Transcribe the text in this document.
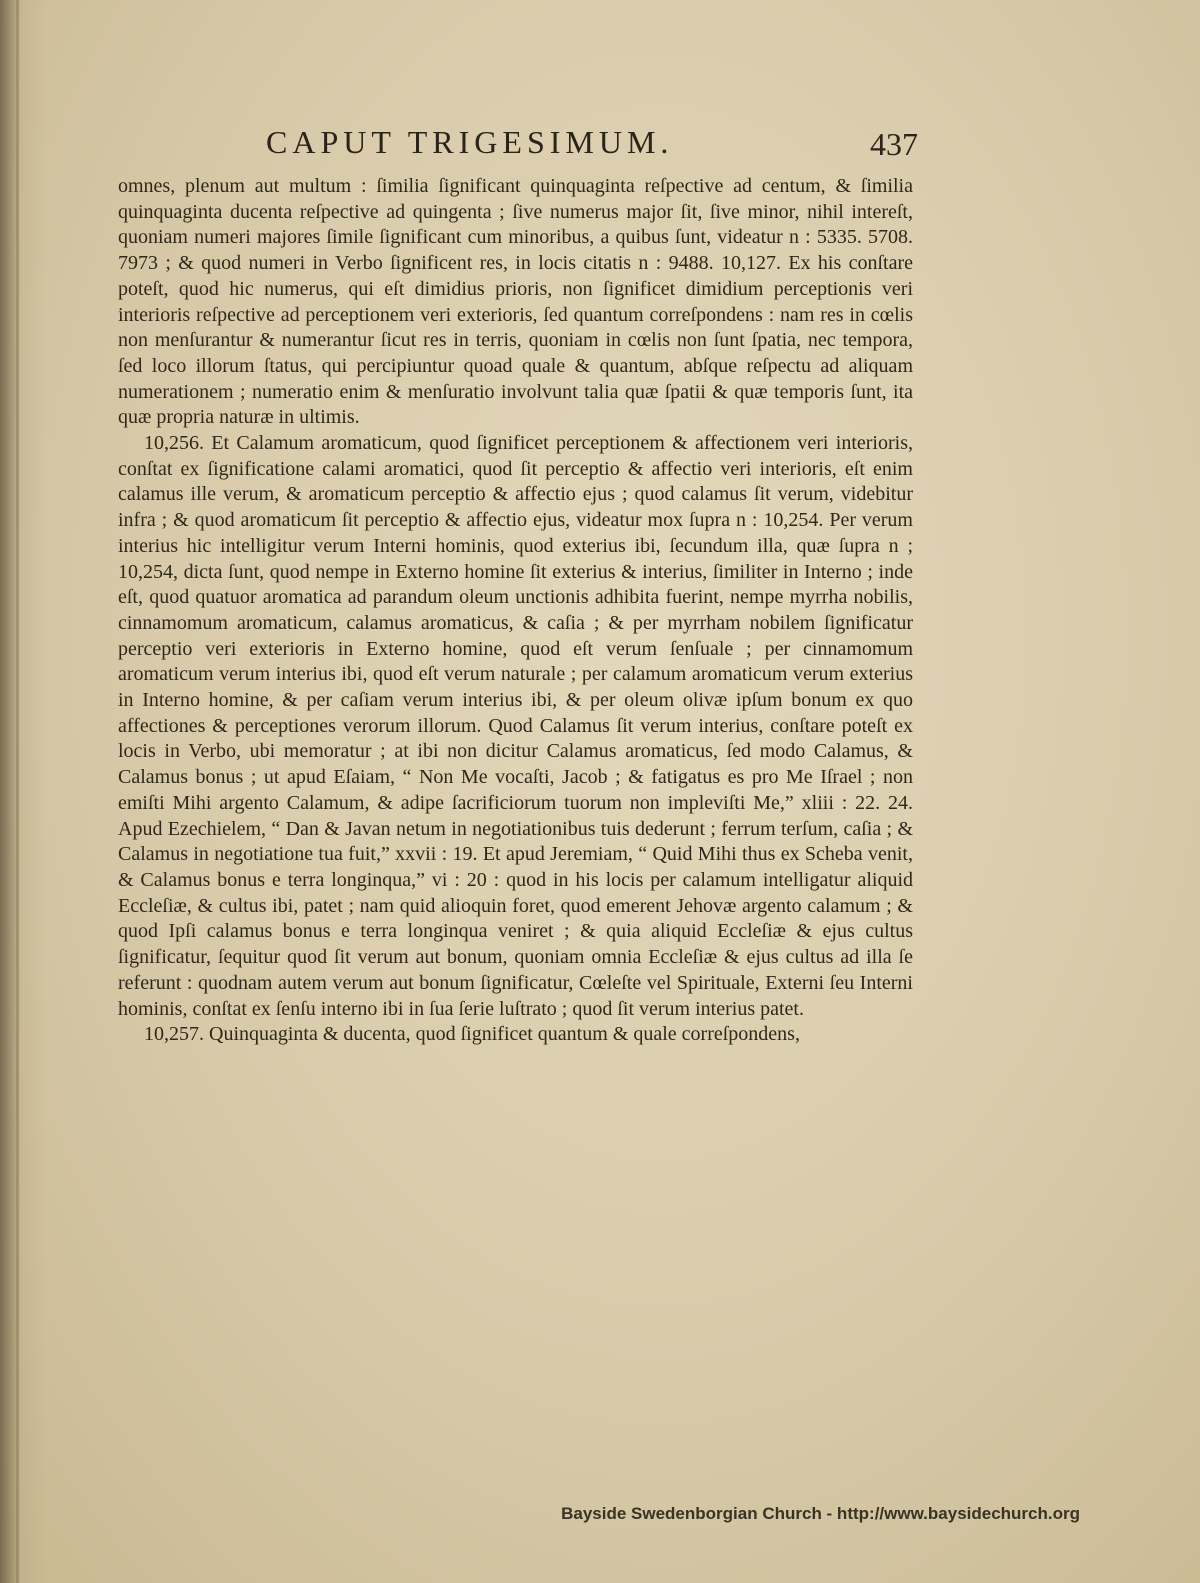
CAPUT TRIGESIMUM.	437

omnes, plenum aut multum : ſimilia ſignificant quinquaginta reſpective ad centum, & ſimilia quinquaginta ducenta reſpective ad quingenta ; ſive numerus major ſit, ſive minor, nihil intereſt, quoniam numeri majores ſimile ſignificant cum minoribus, a quibus ſunt, videatur n : 5335. 5708. 7973 ; & quod numeri in Verbo ſignificent res, in locis citatis n : 9488. 10,127. Ex his conſtare poteſt, quod hic numerus, qui eſt dimidius prioris, non ſignificet dimidium perceptionis veri interioris reſpective ad perceptionem veri exterioris, ſed quantum correſpondens : nam res in cœlis non menſurantur & numerantur ſicut res in terris, quoniam in cœlis non ſunt ſpatia, nec tempora, ſed loco illorum ſtatus, qui percipiuntur quoad quale & quantum, abſque reſpectu ad aliquam numerationem ; numeratio enim & menſuratio involvunt talia quæ ſpatii & quæ temporis ſunt, ita quæ propria naturæ in ultimis.

10,256. Et Calamum aromaticum, quod ſignificet perceptionem & affectionem veri interioris, conſtat ex ſignificatione calami aromatici, quod ſit perceptio & affectio veri interioris, eſt enim calamus ille verum, & aromaticum perceptio & affectio ejus ; quod calamus ſit verum, videbitur infra ; & quod aromaticum ſit perceptio & affectio ejus, videatur mox ſupra n : 10,254. Per verum interius hic intelligitur verum Interni hominis, quod exterius ibi, ſecundum illa, quæ ſupra n ; 10,254, dicta ſunt, quod nempe in Externo homine ſit exterius & interius, ſimiliter in Interno ; inde eſt, quod quatuor aromatica ad parandum oleum unctionis adhibita fuerint, nempe myrrha nobilis, cinnamomum aromaticum, calamus aromaticus, & caſia ; & per myrrham nobilem ſignificatur perceptio veri exterioris in Externo homine, quod eſt verum ſenſuale ; per cinnamomum aromaticum verum interius ibi, quod eſt verum naturale ; per calamum aromaticum verum exterius in Interno homine, & per caſiam verum interius ibi, & per oleum olivæ ipſum bonum ex quo affectiones & perceptiones verorum illorum. Quod Calamus ſit verum interius, conſtare poteſt ex locis in Verbo, ubi memoratur ; at ibi non dicitur Calamus aromaticus, ſed modo Calamus, & Calamus bonus ; ut apud Eſaiam, “ Non Me vocaſti, Jacob ; & fatigatus es pro Me Iſrael ; non emiſti Mihi argento Calamum, & adipe ſacrificiorum tuorum non impleviſti Me,” xliii : 22. 24. Apud Ezechielem, “ Dan & Javan netum in negotiationibus tuis dederunt ; ferrum terſum, caſia ; & Calamus in negotiatione tua fuit,” xxvii : 19. Et apud Jeremiam, “ Quid Mihi thus ex Scheba venit, & Calamus bonus e terra longinqua,” vi : 20 : quod in his locis per calamum intelligatur aliquid Eccleſiæ, & cultus ibi, patet ; nam quid alioquin foret, quod emerent Jehovæ argento calamum ; & quod Ipſi calamus bonus e terra longinqua veniret ; & quia aliquid Eccleſiæ & ejus cultus ſignificatur, ſequitur quod ſit verum aut bonum, quoniam omnia Eccleſiæ & ejus cultus ad illa ſe referunt : quodnam autem verum aut bonum ſignificatur, Cœleſte vel Spirituale, Externi ſeu Interni hominis, conſtat ex ſenſu interno ibi in ſua ſerie luſtrato ; quod ſit verum interius patet.

10,257. Quinquaginta & ducenta, quod ſignificet quantum & quale correſpondens,

Bayside Swedenborgian Church - http://www.baysidechurch.org
